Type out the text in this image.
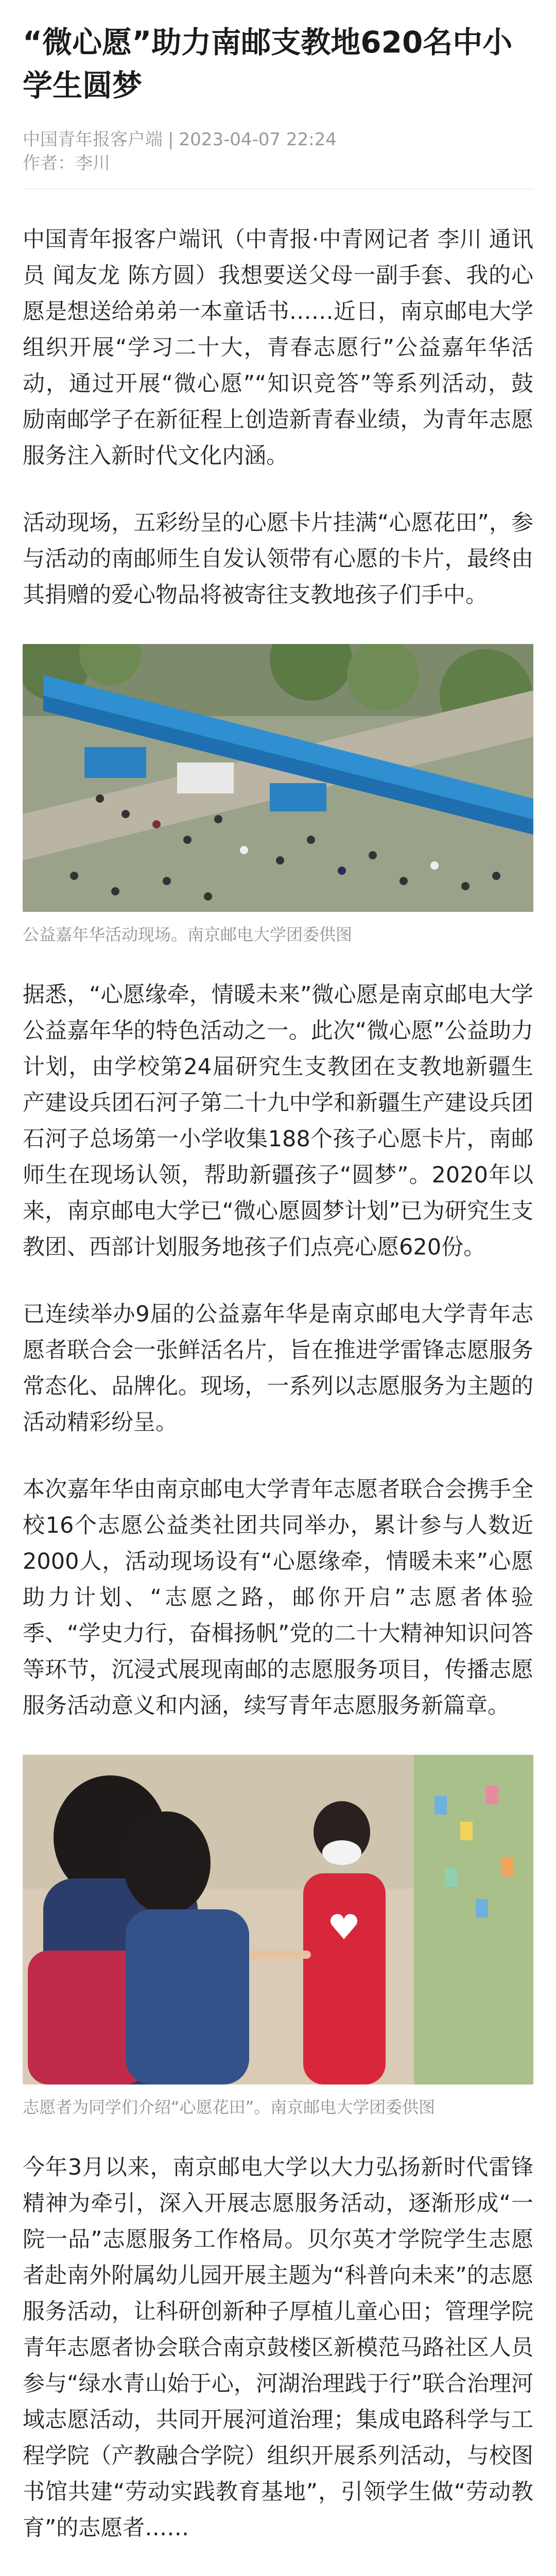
“微心愿”助力南邮支教地620名中小学生圆梦
中国青年报客户端 | 2023-04-07 22:24
作者：李川

中国青年报客户端讯（中青报·中青网记者 李川 通讯员 闻友龙 陈方圆）我想要送父母一副手套、我的心愿是想送给弟弟一本童话书……近日，南京邮电大学组织开展“学习二十大，青春志愿行”公益嘉年华活动，通过开展“微心愿”“知识竞答”等系列活动，鼓励南邮学子在新征程上创造新青春业绩，为青年志愿服务注入新时代文化内涵。

活动现场，五彩纷呈的心愿卡片挂满“心愿花田”，参与活动的南邮师生自发认领带有心愿的卡片，最终由其捐赠的爱心物品将被寄往支教地孩子们手中。

公益嘉年华活动现场。南京邮电大学团委供图

据悉，“心愿缘牵，情暖未来”微心愿是南京邮电大学公益嘉年华的特色活动之一。此次“微心愿”公益助力计划，由学校第24届研究生支教团在支教地新疆生产建设兵团石河子第二十九中学和新疆生产建设兵团石河子总场第一小学收集188个孩子心愿卡片，南邮师生在现场认领，帮助新疆孩子“圆梦”。2020年以来，南京邮电大学已“微心愿圆梦计划”已为研究生支教团、西部计划服务地孩子们点亮心愿620份。

已连续举办9届的公益嘉年华是南京邮电大学青年志愿者联合会一张鲜活名片，旨在推进学雷锋志愿服务常态化、品牌化。现场，一系列以志愿服务为主题的活动精彩纷呈。

本次嘉年华由南京邮电大学青年志愿者联合会携手全校16个志愿公益类社团共同举办，累计参与人数近2000人，活动现场设有“心愿缘牵，情暖未来”心愿助力计划、“志愿之路，邮你开启”志愿者体验季、“学史力行，奋楫扬帆”党的二十大精神知识问答等环节，沉浸式展现南邮的志愿服务项目，传播志愿服务活动意义和内涵，续写青年志愿服务新篇章。

志愿者为同学们介绍“心愿花田”。南京邮电大学团委供图

今年3月以来，南京邮电大学以大力弘扬新时代雷锋精神为牵引，深入开展志愿服务活动，逐渐形成“一院一品”志愿服务工作格局。贝尔英才学院学生志愿者赴南外附属幼儿园开展主题为“科普向未来”的志愿服务活动，让科研创新种子厚植儿童心田；管理学院青年志愿者协会联合南京鼓楼区新模范马路社区人员参与“绿水青山始于心，河湖治理践于行”联合治理河域志愿活动，共同开展河道治理；集成电路科学与工程学院（产教融合学院）组织开展系列活动，与校图书馆共建“劳动实践教育基地”，引领学生做“劳动教育”的志愿者……
